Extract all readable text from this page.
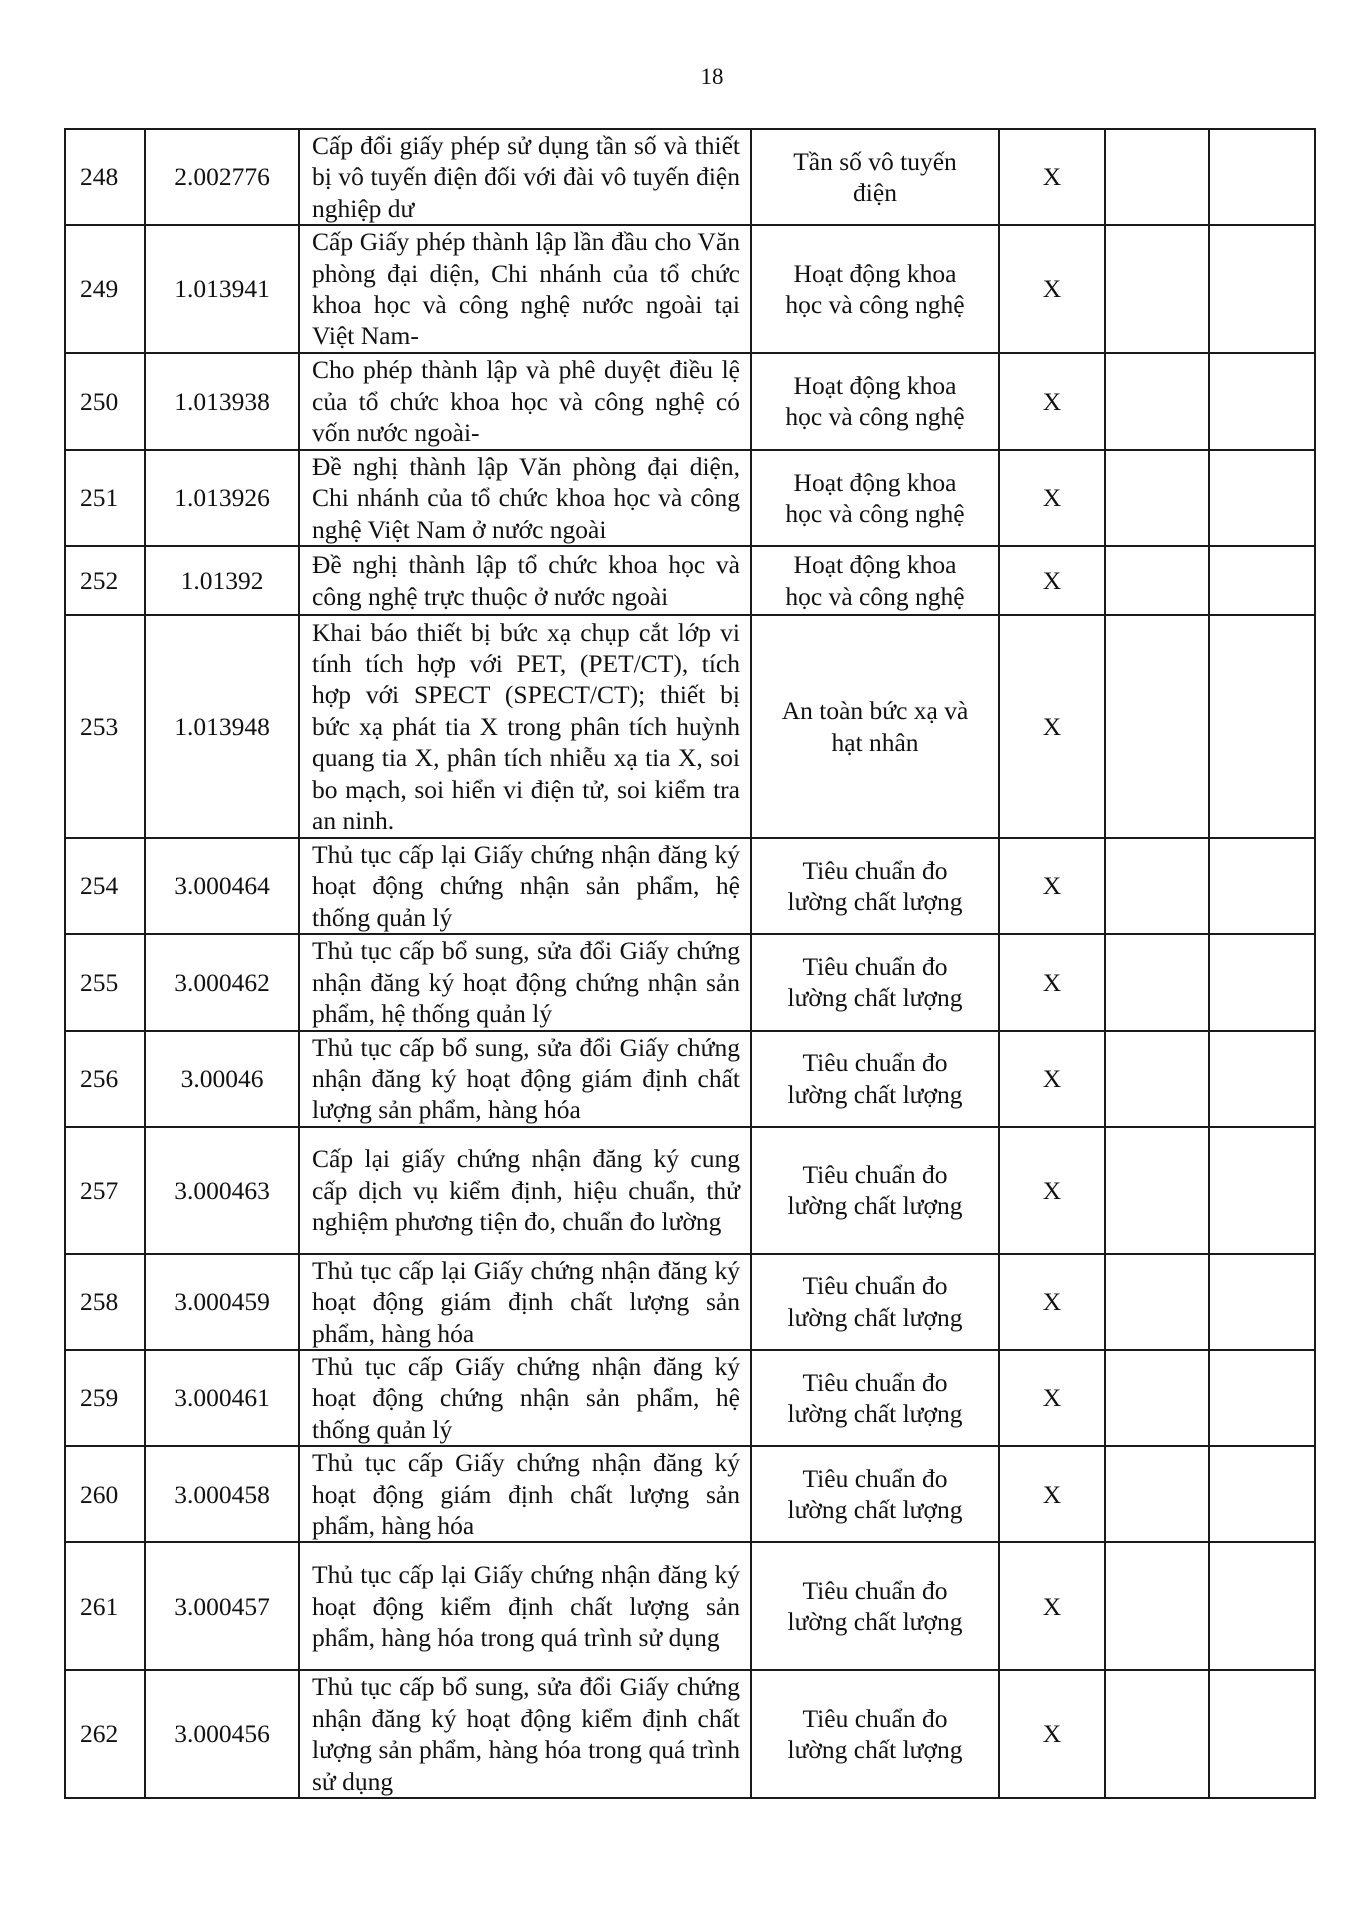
18
248	2.002776	Cấp đổi giấy phép sử dụng tần số và thiết bị vô tuyến điện đối với đài vô tuyến điện nghiệp dư	Tần số vô tuyến điện	X		
249	1.013941	Cấp Giấy phép thành lập lần đầu cho Văn phòng đại diện, Chi nhánh của tổ chức khoa học và công nghệ nước ngoài tại Việt Nam-	Hoạt động khoa học và công nghệ	X		
250	1.013938	Cho phép thành lập và phê duyệt điều lệ của tổ chức khoa học và công nghệ có vốn nước ngoài-	Hoạt động khoa học và công nghệ	X		
251	1.013926	Đề nghị thành lập Văn phòng đại diện, Chi nhánh của tổ chức khoa học và công nghệ Việt Nam ở nước ngoài	Hoạt động khoa học và công nghệ	X		
252	1.01392	Đề nghị thành lập tổ chức khoa học và công nghệ trực thuộc ở nước ngoài	Hoạt động khoa học và công nghệ	X		
253	1.013948	Khai báo thiết bị bức xạ chụp cắt lớp vi tính tích hợp với PET, (PET/CT), tích hợp với SPECT (SPECT/CT); thiết bị bức xạ phát tia X trong phân tích huỳnh quang tia X, phân tích nhiễu xạ tia X, soi bo mạch, soi hiển vi điện tử, soi kiểm tra an ninh.	An toàn bức xạ và hạt nhân	X		
254	3.000464	Thủ tục cấp lại Giấy chứng nhận đăng ký hoạt động chứng nhận sản phẩm, hệ thống quản lý	Tiêu chuẩn đo lường chất lượng	X		
255	3.000462	Thủ tục cấp bổ sung, sửa đổi Giấy chứng nhận đăng ký hoạt động chứng nhận sản phẩm, hệ thống quản lý	Tiêu chuẩn đo lường chất lượng	X		
256	3.00046	Thủ tục cấp bổ sung, sửa đổi Giấy chứng nhận đăng ký hoạt động giám định chất lượng sản phẩm, hàng hóa	Tiêu chuẩn đo lường chất lượng	X		
257	3.000463	Cấp lại giấy chứng nhận đăng ký cung cấp dịch vụ kiểm định, hiệu chuẩn, thử nghiệm phương tiện đo, chuẩn đo lường	Tiêu chuẩn đo lường chất lượng	X		
258	3.000459	Thủ tục cấp lại Giấy chứng nhận đăng ký hoạt động giám định chất lượng sản phẩm, hàng hóa	Tiêu chuẩn đo lường chất lượng	X		
259	3.000461	Thủ tục cấp Giấy chứng nhận đăng ký hoạt động chứng nhận sản phẩm, hệ thống quản lý	Tiêu chuẩn đo lường chất lượng	X		
260	3.000458	Thủ tục cấp Giấy chứng nhận đăng ký hoạt động giám định chất lượng sản phẩm, hàng hóa	Tiêu chuẩn đo lường chất lượng	X		
261	3.000457	Thủ tục cấp lại Giấy chứng nhận đăng ký hoạt động kiểm định chất lượng sản phẩm, hàng hóa trong quá trình sử dụng	Tiêu chuẩn đo lường chất lượng	X		
262	3.000456	Thủ tục cấp bổ sung, sửa đổi Giấy chứng nhận đăng ký hoạt động kiểm định chất lượng sản phẩm, hàng hóa trong quá trình sử dụng	Tiêu chuẩn đo lường chất lượng	X		
